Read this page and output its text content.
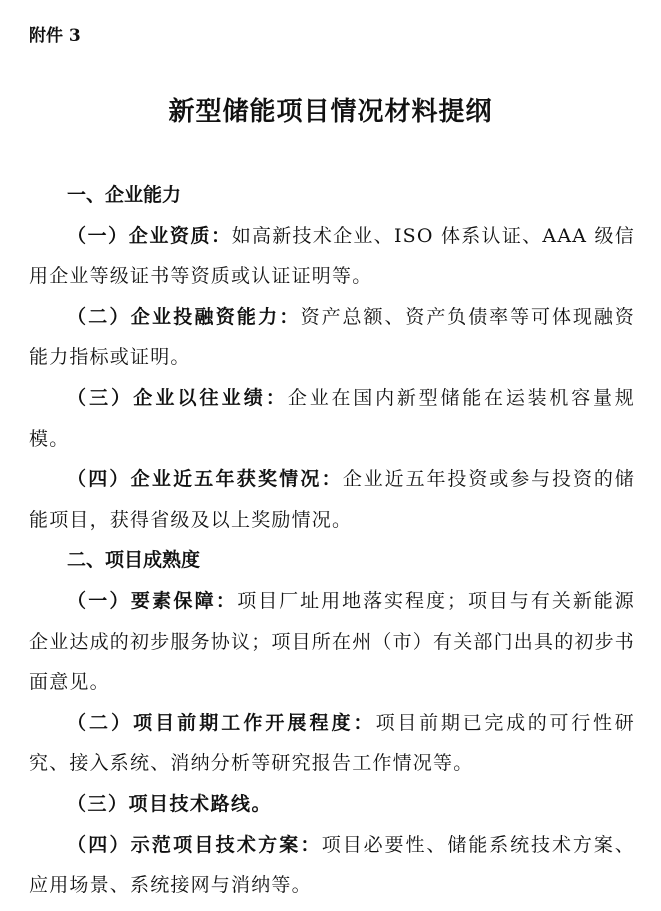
附件 3
新型储能项目情况材料提纲

一、企业能力

（一）企业资质：如高新技术企业、ISO 体系认证、AAA 级信用企业等级证书等资质或认证证明等。

（二）企业投融资能力：资产总额、资产负债率等可体现融资能力指标或证明。

（三）企业以往业绩：企业在国内新型储能在运装机容量规模。

（四）企业近五年获奖情况：企业近五年投资或参与投资的储能项目，获得省级及以上奖励情况。

二、项目成熟度

（一）要素保障：项目厂址用地落实程度；项目与有关新能源企业达成的初步服务协议；项目所在州（市）有关部门出具的初步书面意见。

（二）项目前期工作开展程度：项目前期已完成的可行性研究、接入系统、消纳分析等研究报告工作情况等。

（三）项目技术路线。

（四）示范项目技术方案：项目必要性、储能系统技术方案、应用场景、系统接网与消纳等。
